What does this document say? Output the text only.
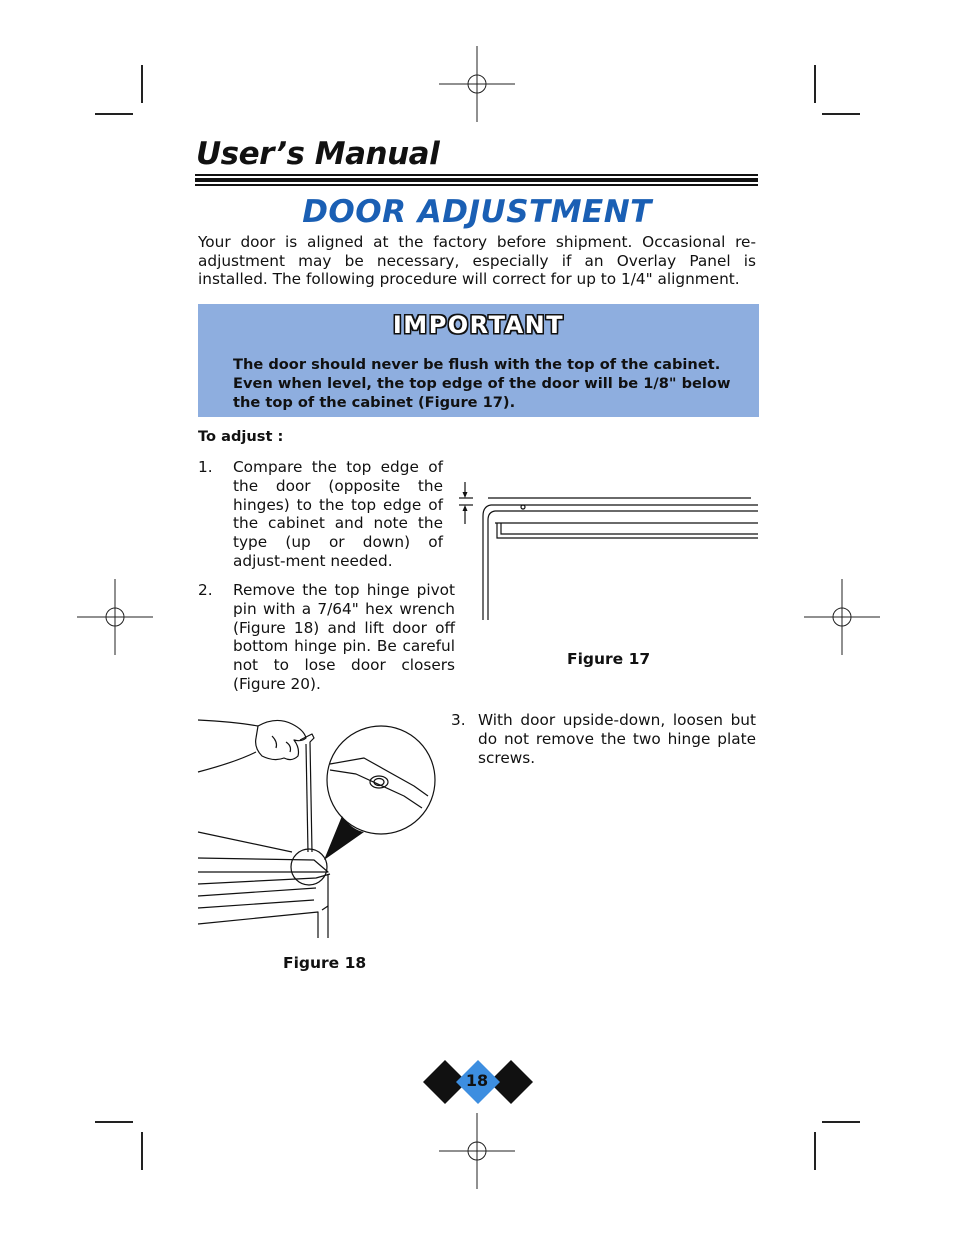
User’s Manual
DOOR ADJUSTMENT
Your door is aligned at the factory before shipment. Occasional re-adjustment may be necessary, especially if an Overlay Panel is installed. The following procedure will correct for up to 1/4" alignment.
IMPORTANT
The door should never be flush with the top of the cabinet. Even when level, the top edge of the door will be 1/8" below the top of the cabinet (Figure 17).
To adjust :
1. Compare the top edge of the door (opposite the hinges) to the top edge of the cabinet and note the type (up or down) of adjust-ment needed.
2. Remove the top hinge pivot pin with a 7/64" hex wrench (Figure 18) and lift door off bottom hinge pin. Be careful not to lose door closers (Figure 20).
3. With door upside-down, loosen but do not remove the two hinge plate screws.
Figure 17
Figure 18
18
